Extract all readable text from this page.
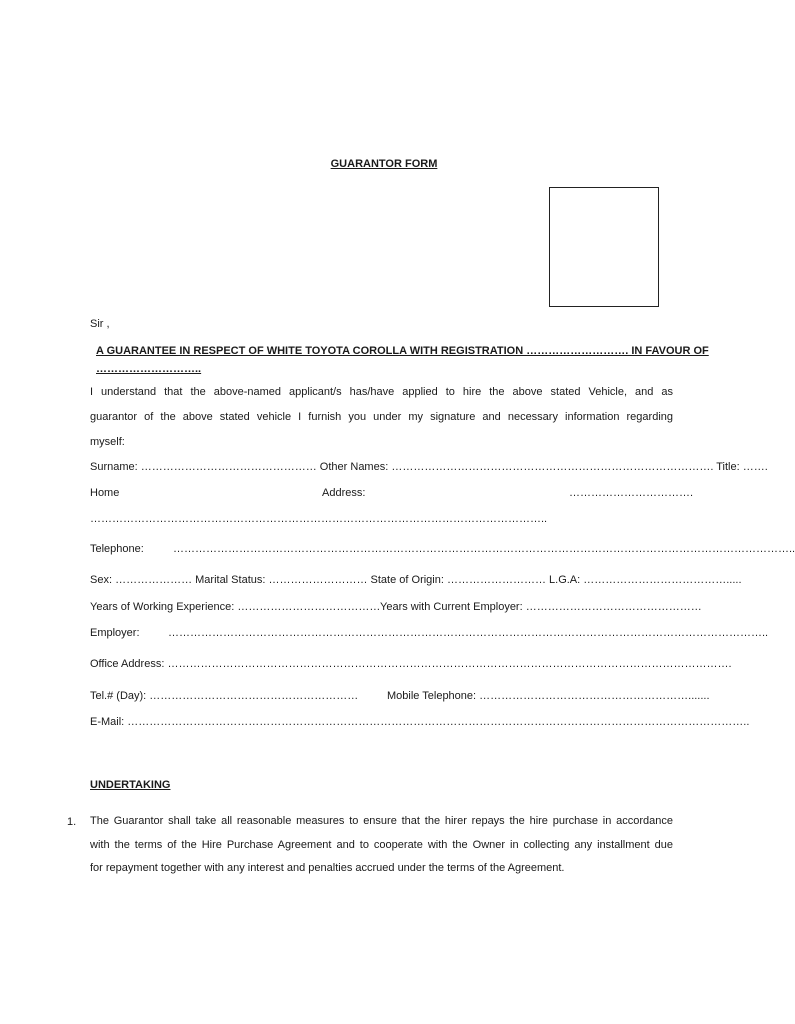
GUARANTOR FORM
Sir ,
A GUARANTEE IN RESPECT OF WHITE TOYOTA COROLLA WITH REGISTRATION ………………………. IN FAVOUR OF
………………………..
I understand that the above-named applicant/s has/have applied to hire the above stated Vehicle, and as
guarantor of the above stated vehicle I furnish you under my signature and necessary information regarding
myself:
Surname: ………………………………………… Other Names: ……………………………………………………………………………. Title: …….
Home	Address:	…………………………….
……………………………………………………………………………………………………………..
Telephone:	……………………………………………………………………………………………………………………………………………………..
Sex: ………………… Marital Status: ……………………… State of Origin: ……………………… L.G.A: ………………………………….....
Years of Working Experience: ………………………………… Years with Current Employer: …………………………………………
Employer:	………………………………………………………………………………………………………………………………………………..
Office Address: ……………………………………………………………………………………………………………………………………….
Tel.# (Day): …………………………………………………	Mobile Telephone: ………………………………………………….......
E-Mail: ……………………………………………………………………………………………………………………………………………………..
UNDERTAKING
1. The Guarantor shall take all reasonable measures to ensure that the hirer repays the hire purchase in accordance
with the terms of the Hire Purchase Agreement and to cooperate with the Owner in collecting any installment due
for repayment together with any interest and penalties accrued under the terms of the Agreement.
